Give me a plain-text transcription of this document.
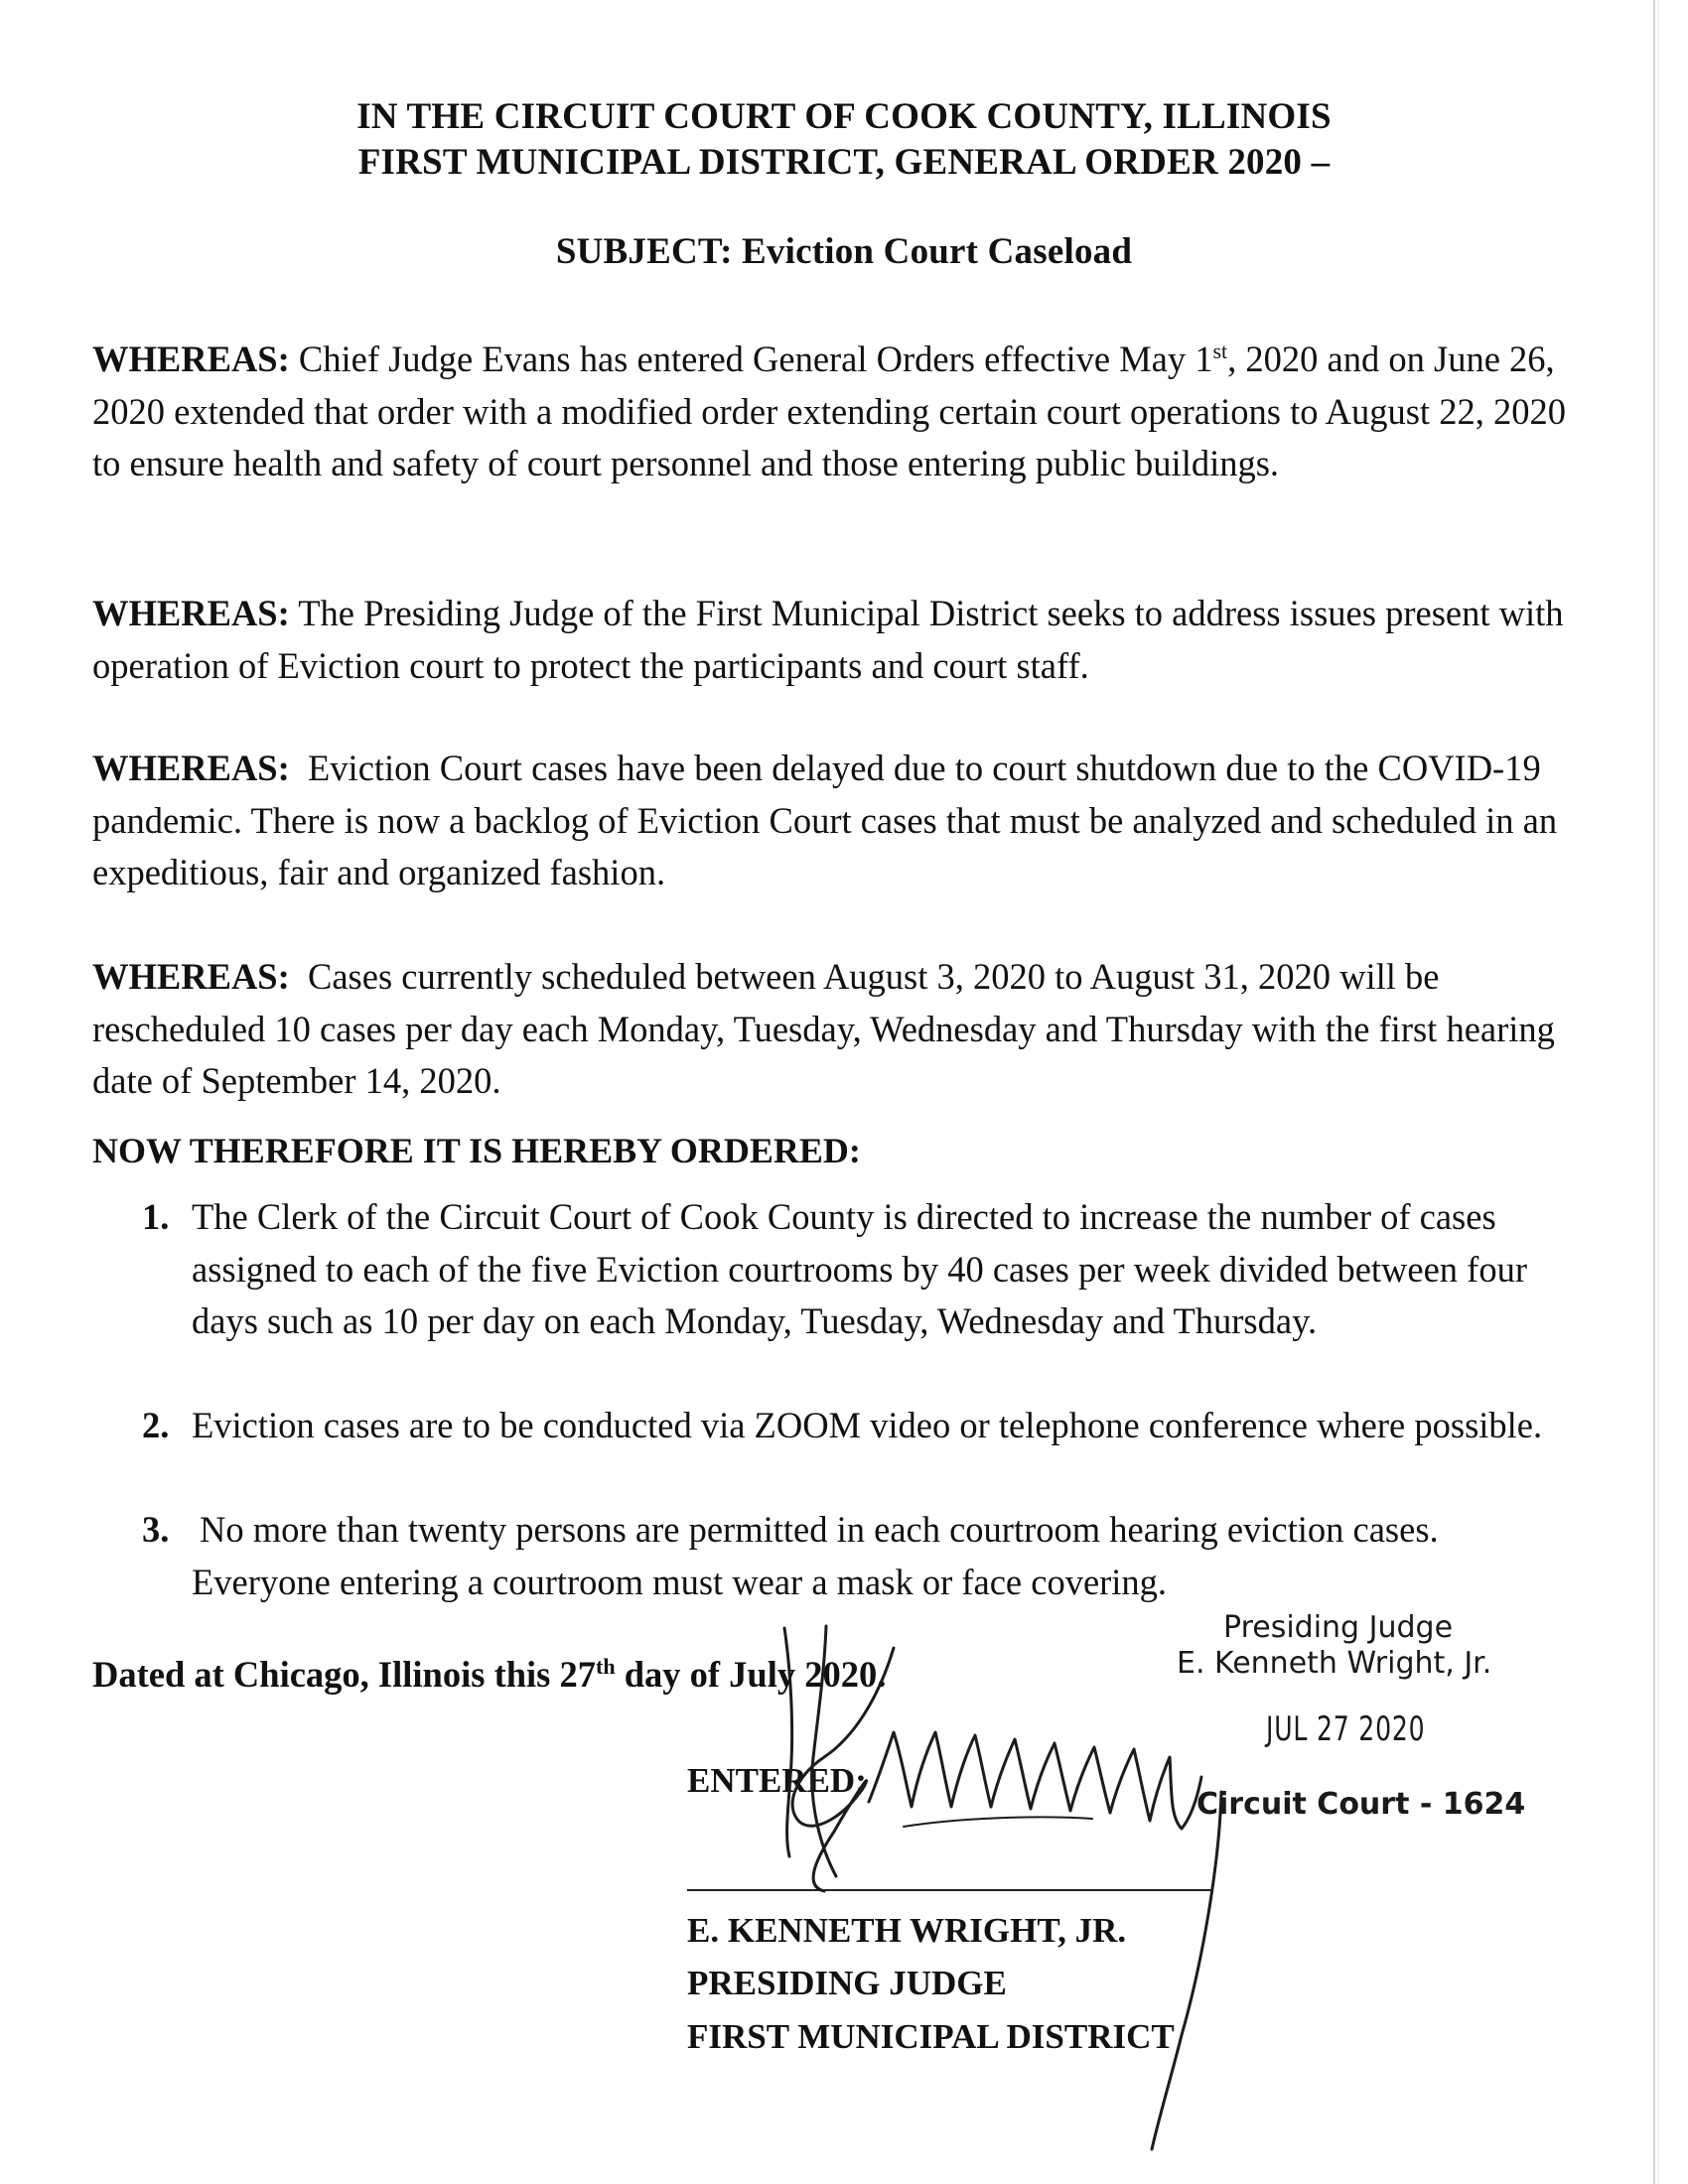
IN THE CIRCUIT COURT OF COOK COUNTY, ILLINOIS
FIRST MUNICIPAL DISTRICT, GENERAL ORDER 2020 –
SUBJECT: Eviction Court Caseload
WHEREAS: Chief Judge Evans has entered General Orders effective May 1st, 2020 and on June 26, 2020 extended that order with a modified order extending certain court operations to August 22, 2020 to ensure health and safety of court personnel and those entering public buildings.
WHEREAS: The Presiding Judge of the First Municipal District seeks to address issues present with operation of Eviction court to protect the participants and court staff.
WHEREAS:  Eviction Court cases have been delayed due to court shutdown due to the COVID-19 pandemic. There is now a backlog of Eviction Court cases that must be analyzed and scheduled in an expeditious, fair and organized fashion.
WHEREAS:  Cases currently scheduled between August 3, 2020 to August 31, 2020 will be rescheduled 10 cases per day each Monday, Tuesday, Wednesday and Thursday with the first hearing date of September 14, 2020.
NOW THEREFORE IT IS HEREBY ORDERED:
1. The Clerk of the Circuit Court of Cook County is directed to increase the number of cases assigned to each of the five Eviction courtrooms by 40 cases per week divided between four days such as 10 per day on each Monday, Tuesday, Wednesday and Thursday.
2. Eviction cases are to be conducted via ZOOM video or telephone conference where possible.
3. No more than twenty persons are permitted in each courtroom hearing eviction cases. Everyone entering a courtroom must wear a mask or face covering.
Dated at Chicago, Illinois this 27th day of July 2020.
Presiding Judge
E. Kenneth Wright, Jr.
JUL 27 2020
Circuit Court - 1624
ENTERED:
E. KENNETH WRIGHT, JR.
PRESIDING JUDGE
FIRST MUNICIPAL DISTRICT
